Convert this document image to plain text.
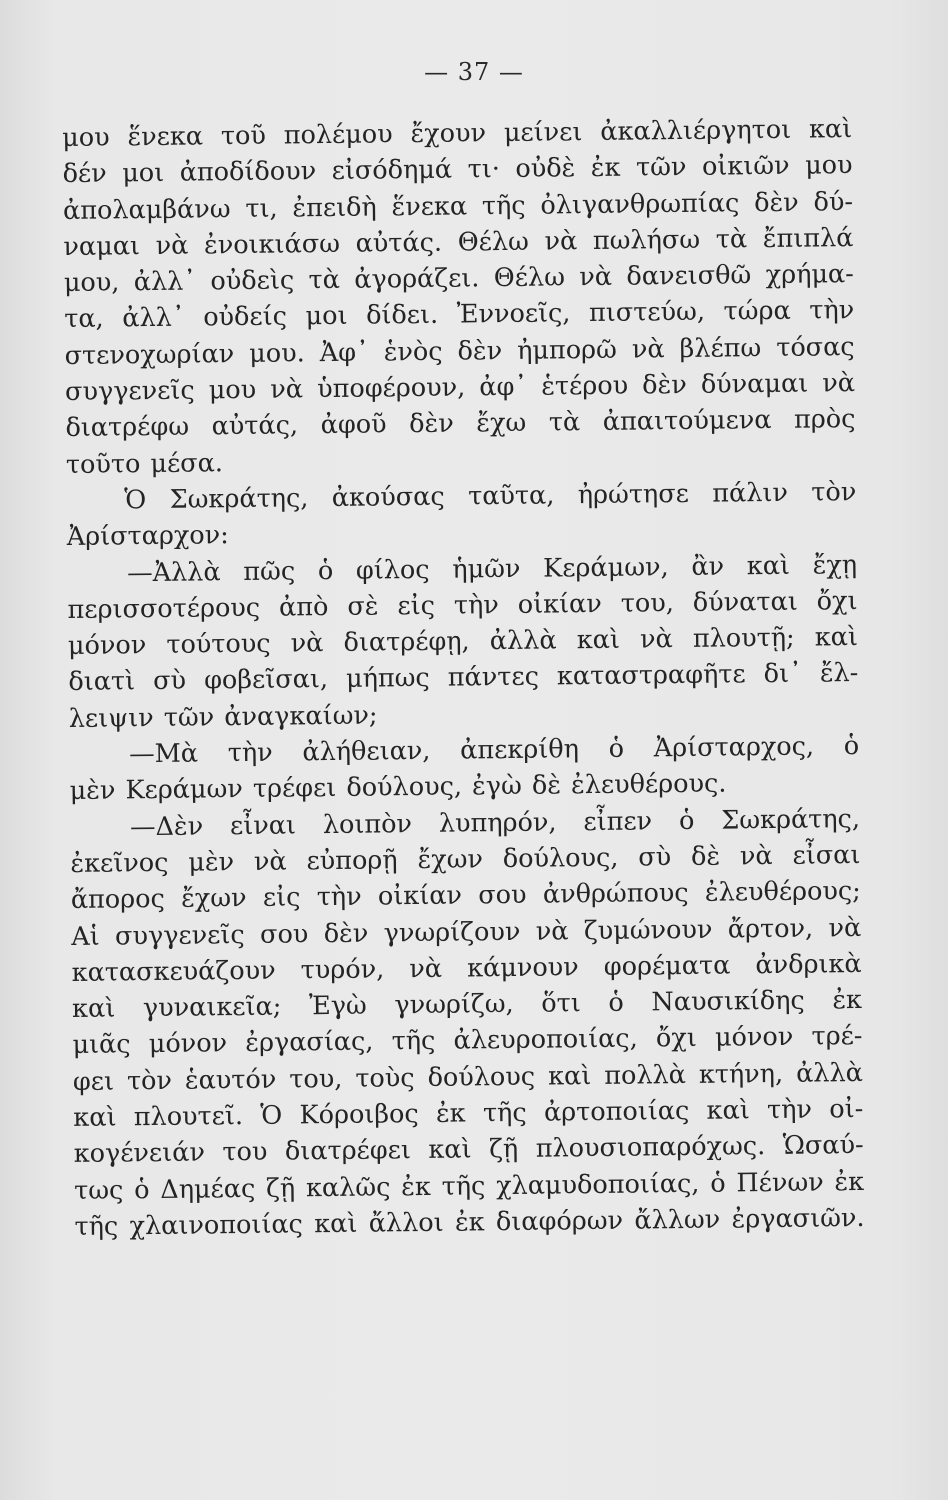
— 37 —
μου ἕνεκα τοῦ πολέμου ἔχουν μείνει ἀκαλλιέργητοι καὶ
δέν μοι ἀποδίδουν εἰσόδημά τι· οὐδὲ ἐκ τῶν οἰκιῶν μου
ἀπολαμβάνω τι, ἐπειδὴ ἕνεκα τῆς ὀλιγανθρωπίας δὲν δύ-
ναμαι νὰ ἐνοικιάσω αὐτάς. Θέλω νὰ πωλήσω τὰ ἔπιπλά
μου, ἀλλ᾽ οὐδεὶς τὰ ἀγοράζει. Θέλω νὰ δανεισθῶ χρήμα-
τα, ἀλλ᾽ οὐδείς μοι δίδει. Ἐννοεῖς, πιστεύω, τώρα τὴν
στενοχωρίαν μου. Ἀφ᾽ ἑνὸς δὲν ἠμπορῶ νὰ βλέπω τόσας
συγγενεῖς μου νὰ ὑποφέρουν, ἀφ᾽ ἑτέρου δὲν δύναμαι νὰ
διατρέφω αὐτάς, ἀφοῦ δὲν ἔχω τὰ ἀπαιτούμενα πρὸς
τοῦτο μέσα.
Ὁ Σωκράτης, ἀκούσας ταῦτα, ἠρώτησε πάλιν τὸν
Ἀρίσταρχον:
—Ἀλλὰ πῶς ὁ φίλος ἡμῶν Κεράμων, ἂν καὶ ἔχῃ
περισσοτέρους ἀπὸ σὲ εἰς τὴν οἰκίαν του, δύναται ὄχι
μόνον τούτους νὰ διατρέφῃ, ἀλλὰ καὶ νὰ πλουτῇ; καὶ
διατὶ σὺ φοβεῖσαι, μήπως πάντες καταστραφῆτε δι᾽ ἔλ-
λειψιν τῶν ἀναγκαίων;
—Μὰ τὴν ἀλήθειαν, ἀπεκρίθη ὁ Ἀρίσταρχος, ὁ
μὲν Κεράμων τρέφει δούλους, ἐγὼ δὲ ἐλευθέρους.
—Δὲν εἶναι λοιπὸν λυπηρόν, εἶπεν ὁ Σωκράτης,
ἐκεῖνος μὲν νὰ εὐπορῇ ἔχων δούλους, σὺ δὲ νὰ εἶσαι
ἄπορος ἔχων εἰς τὴν οἰκίαν σου ἀνθρώπους ἐλευθέρους;
Αἱ συγγενεῖς σου δὲν γνωρίζουν νὰ ζυμώνουν ἄρτον, νὰ
κατασκευάζουν τυρόν, νὰ κάμνουν φορέματα ἀνδρικὰ
καὶ γυναικεῖα; Ἐγὼ γνωρίζω, ὅτι ὁ Ναυσικίδης ἐκ
μιᾶς μόνον ἐργασίας, τῆς ἀλευροποιίας, ὄχι μόνον τρέ-
φει τὸν ἑαυτόν του, τοὺς δούλους καὶ πολλὰ κτήνη, ἀλλὰ
καὶ πλουτεῖ. Ὁ Κόροιβος ἐκ τῆς ἀρτοποιίας καὶ τὴν οἰ-
κογένειάν του διατρέφει καὶ ζῇ πλουσιοπαρόχως. Ὡσαύ-
τως ὁ Δημέας ζῇ καλῶς ἐκ τῆς χλαμυδοποιίας, ὁ Πένων ἐκ
τῆς χλαινοποιίας καὶ ἄλλοι ἐκ διαφόρων ἄλλων ἐργασιῶν.
